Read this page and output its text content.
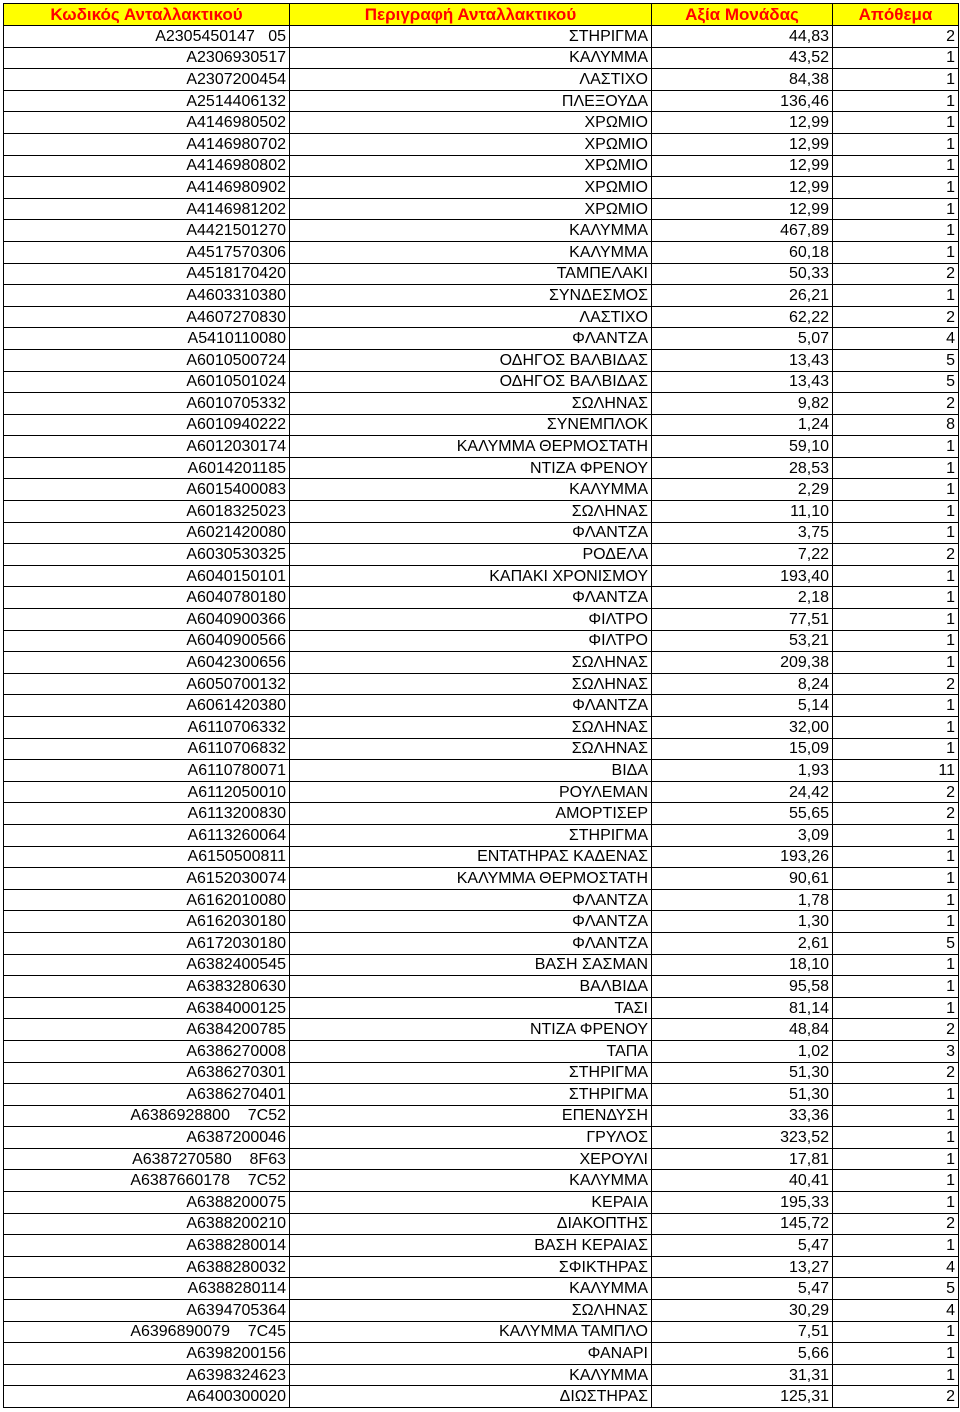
Κωδικός Ανταλλακτικού	Περιγραφή Ανταλλακτικού	Αξία Μονάδας	Απόθεμα
A2305450147   05	ΣΤΗΡΙΓΜΑ	44,83	2
A2306930517	ΚΑΛΥΜΜΑ	43,52	1
A2307200454	ΛΑΣΤΙΧΟ	84,38	1
A2514406132	ΠΛΕΞΟΥΔΑ	136,46	1
A4146980502	ΧΡΩΜΙΟ	12,99	1
A4146980702	ΧΡΩΜΙΟ	12,99	1
A4146980802	ΧΡΩΜΙΟ	12,99	1
A4146980902	ΧΡΩΜΙΟ	12,99	1
A4146981202	ΧΡΩΜΙΟ	12,99	1
A4421501270	ΚΑΛΥΜΜΑ	467,89	1
A4517570306	ΚΑΛΥΜΜΑ	60,18	1
A4518170420	ΤΑΜΠΕΛΑΚΙ	50,33	2
A4603310380	ΣΥΝΔΕΣΜΟΣ	26,21	1
A4607270830	ΛΑΣΤΙΧΟ	62,22	2
A5410110080	ΦΛΑΝΤΖΑ	5,07	4
A6010500724	ΟΔΗΓΟΣ ΒΑΛΒΙΔΑΣ	13,43	5
A6010501024	ΟΔΗΓΟΣ ΒΑΛΒΙΔΑΣ	13,43	5
A6010705332	ΣΩΛΗΝΑΣ	9,82	2
A6010940222	ΣΥΝΕΜΠΛΟΚ	1,24	8
A6012030174	ΚΑΛΥΜΜΑ ΘΕΡΜΟΣΤΑΤΗ	59,10	1
A6014201185	ΝΤΙΖΑ ΦΡΕΝΟΥ	28,53	1
A6015400083	ΚΑΛΥΜΜΑ	2,29	1
A6018325023	ΣΩΛΗΝΑΣ	11,10	1
A6021420080	ΦΛΑΝΤΖΑ	3,75	1
A6030530325	ΡΟΔΕΛΑ	7,22	2
A6040150101	ΚΑΠΑΚΙ ΧΡΟΝΙΣΜΟΥ	193,40	1
A6040780180	ΦΛΑΝΤΖΑ	2,18	1
A6040900366	ΦΙΛΤΡΟ	77,51	1
A6040900566	ΦΙΛΤΡΟ	53,21	1
A6042300656	ΣΩΛΗΝΑΣ	209,38	1
A6050700132	ΣΩΛΗΝΑΣ	8,24	2
A6061420380	ΦΛΑΝΤΖΑ	5,14	1
A6110706332	ΣΩΛΗΝΑΣ	32,00	1
A6110706832	ΣΩΛΗΝΑΣ	15,09	1
A6110780071	ΒΙΔΑ	1,93	11
A6112050010	ΡΟΥΛΕΜΑΝ	24,42	2
A6113200830	ΑΜΟΡΤΙΣΕΡ	55,65	2
A6113260064	ΣΤΗΡΙΓΜΑ	3,09	1
A6150500811	ΕΝΤΑΤΗΡΑΣ ΚΑΔΕΝΑΣ	193,26	1
A6152030074	ΚΑΛΥΜΜΑ ΘΕΡΜΟΣΤΑΤΗ	90,61	1
A6162010080	ΦΛΑΝΤΖΑ	1,78	1
A6162030180	ΦΛΑΝΤΖΑ	1,30	1
A6172030180	ΦΛΑΝΤΖΑ	2,61	5
A6382400545	ΒΑΣΗ ΣΑΣΜΑΝ	18,10	1
A6383280630	ΒΑΛΒΙΔΑ	95,58	1
A6384000125	ΤΑΣΙ	81,14	1
A6384200785	ΝΤΙΖΑ ΦΡΕΝΟΥ	48,84	2
A6386270008	ΤΑΠΑ	1,02	3
A6386270301	ΣΤΗΡΙΓΜΑ	51,30	2
A6386270401	ΣΤΗΡΙΓΜΑ	51,30	1
A6386928800    7C52	ΕΠΕΝΔΥΣΗ	33,36	1
A6387200046	ΓΡΥΛΟΣ	323,52	1
A6387270580    8F63	ΧΕΡΟΥΛΙ	17,81	1
A6387660178    7C52	ΚΑΛΥΜΜΑ	40,41	1
A6388200075	ΚΕΡΑΙΑ	195,33	1
A6388200210	ΔΙΑΚΟΠΤΗΣ	145,72	2
A6388280014	ΒΑΣΗ ΚΕΡΑΙΑΣ	5,47	1
A6388280032	ΣΦΙΚΤΗΡΑΣ	13,27	4
A6388280114	ΚΑΛΥΜΜΑ	5,47	5
A6394705364	ΣΩΛΗΝΑΣ	30,29	4
A6396890079    7C45	ΚΑΛΥΜΜΑ ΤΑΜΠΛΟ	7,51	1
A6398200156	ΦΑΝΑΡΙ	5,66	1
A6398324623	ΚΑΛΥΜΜΑ	31,31	1
A6400300020	ΔΙΩΣΤΗΡΑΣ	125,31	2
